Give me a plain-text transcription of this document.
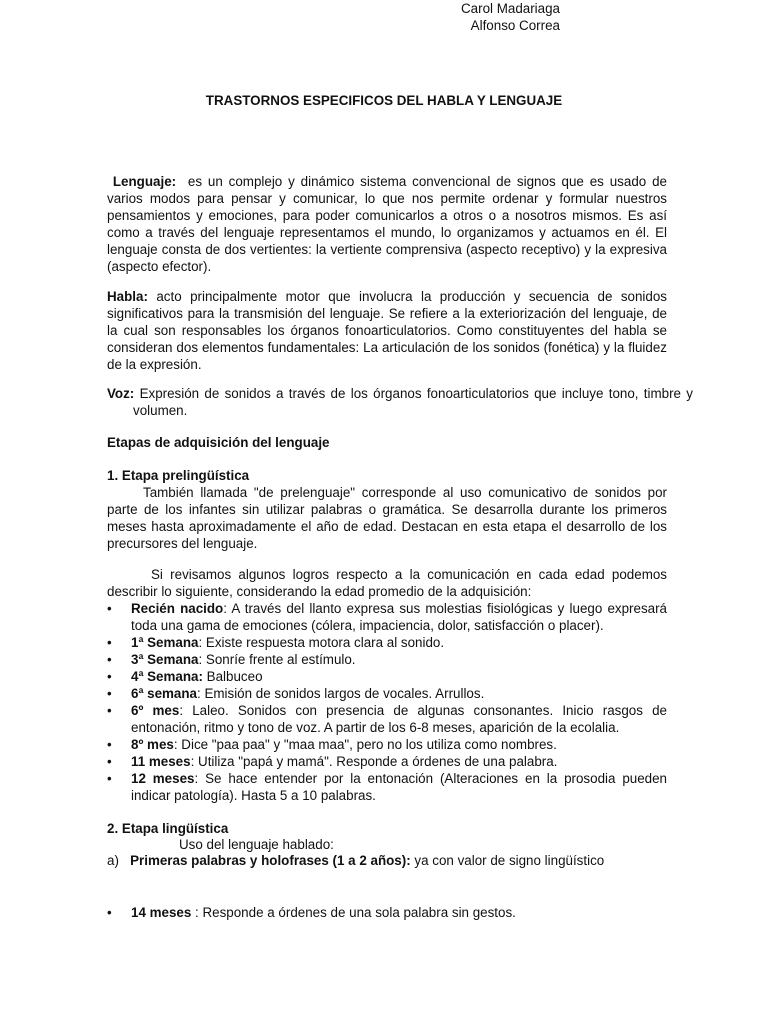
TRASTORNOS ESPECIFICOS DEL HABLA Y LENGUAJE
Carol Madariaga
Alfonso Correa
Lenguaje: es un complejo y dinámico sistema convencional de signos que es usado de varios modos para pensar y comunicar, lo que nos permite ordenar y formular nuestros pensamientos y emociones, para poder comunicarlos a otros o a nosotros mismos. Es así como a través del lenguaje representamos el mundo, lo organizamos y actuamos en él. El lenguaje consta de dos vertientes: la vertiente comprensiva (aspecto receptivo) y la expresiva (aspecto efector).
Habla: acto principalmente motor que involucra la producción y secuencia de sonidos significativos para la transmisión del lenguaje. Se refiere a la exteriorización del lenguaje, de la cual son responsables los órganos fonoarticulatorios. Como constituyentes del habla se consideran dos elementos fundamentales: La articulación de los sonidos (fonética) y la fluidez de la expresión.
Voz: Expresión de sonidos a través de los órganos fonoarticulatorios que incluye tono, timbre y volumen.
Etapas de adquisición del lenguaje
1. Etapa prelingüística
También llamada "de prelenguaje" corresponde al uso comunicativo de sonidos por parte de los infantes sin utilizar palabras o gramática. Se desarrolla durante los primeros meses hasta aproximadamente el año de edad. Destacan en esta etapa el desarrollo de los precursores del lenguaje.
Si revisamos algunos logros respecto a la comunicación en cada edad podemos describir lo siguiente, considerando la edad promedio de la adquisición:
•	Recién nacido: A través del llanto expresa sus molestias fisiológicas y luego expresará toda una gama de emociones (cólera, impaciencia, dolor, satisfacción o placer).
•	1ª Semana: Existe respuesta motora clara al sonido.
•	3ª Semana: Sonríe frente al estímulo.
•	4ª Semana: Balbuceo
•	6ª semana: Emisión de sonidos largos de vocales. Arrullos.
•	6º mes: Laleo. Sonidos con presencia de algunas consonantes. Inicio rasgos de entonación, ritmo y tono de voz. A partir de los 6-8 meses, aparición de la ecolalia.
•	8º mes: Dice "paa paa" y "maa maa", pero no los utiliza como nombres.
•	11 meses: Utiliza "papá y mamá". Responde a órdenes de una palabra.
•	12 meses: Se hace entender por la entonación (Alteraciones en la prosodia pueden indicar patología). Hasta 5 a 10 palabras.
2. Etapa lingüística
Uso del lenguaje hablado:
a) Primeras palabras y holofrases (1 a 2 años): ya con valor de signo lingüístico
•	14 meses : Responde a órdenes de una sola palabra sin gestos.
